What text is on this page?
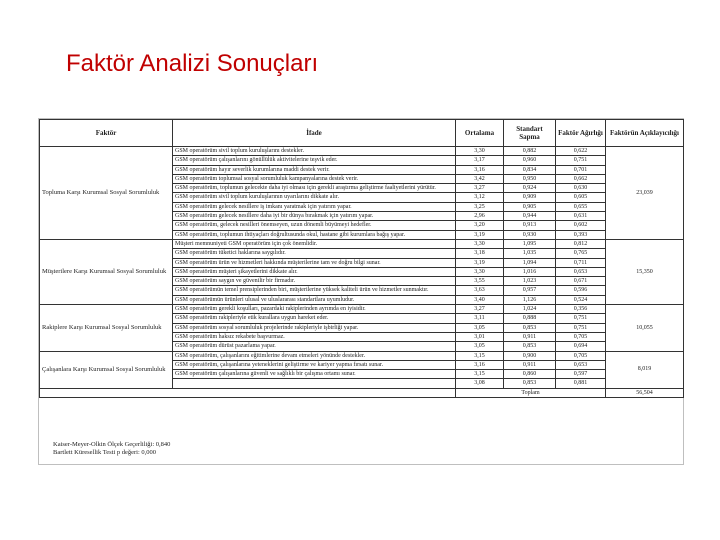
Faktör Analizi Sonuçları
Faktör	İfade	Ortalama	Standart Sapma	Faktör Ağırlığı	Faktörün Açıklayıcılığı
Topluma Karşı Kurumsal Sosyal Sorumluluk	GSM operatörüm sivil toplum kuruluşlarını destekler.	3,30	0,882	0,622	23,039
	GSM operatörüm çalışanlarını gönüllülük aktivitelerine teşvik eder.	3,17	0,960	0,751	
	GSM operatörüm hayır severlik kurumlarına maddi destek verir.	3,16	0,834	0,701	
	GSM operatörüm toplumsal sosyal sorumluluk kampanyalarına destek verir.	3,42	0,950	0,662	
	GSM operatörüm, toplumun gelecekte daha iyi olması için gerekli araştırma geliştirme faaliyetlerini yürütür.	3,27	0,924	0,630	
	GSM operatörüm sivil toplum kuruluşlarının uyarılarını dikkate alır.	3,12	0,909	0,605	
	GSM operatörüm gelecek nesillere iş imkanı yaratmak için yatırım yapar.	3,25	0,905	0,655	
	GSM operatörüm gelecek nesillere daha iyi bir dünya bırakmak için yatırım yapar.	2,96	0,944	0,631	
	GSM operatörüm, gelecek nesilleri önemseyen, uzun dönemli büyümeyi hedefler.	3,20	0,913	0,602	
	GSM operatörüm, toplumun ihtiyaçları doğrultusunda okul, hastane gibi kurumlara bağış yapar.	3,19	0,930	0,393	
Müşterilere Karşı Kurumsal Sosyal Sorumluluk	Müşteri memnuniyeti GSM operatörüm için çok önemlidir.	3,30	1,095	0,812	15,350
	GSM operatörüm tüketici haklarına saygılıdır.	3,18	1,035	0,765	
	GSM operatörüm ürün ve hizmetleri hakkında müşterilerine tam ve doğru bilgi sunar.	3,19	1,094	0,711	
	GSM operatörüm müşteri şikayetlerini dikkate alır.	3,30	1,016	0,653	
	GSM operatörüm saygın ve güvenilir bir firmadır.	3,55	1,023	0,671	
	GSM operatörümün temel prensiplerinden biri, müşterilerine yüksek kaliteli ürün ve hizmetler sunmaktır.	3,63	0,957	0,596	
	GSM operatörümün ürünleri ulusal ve uluslararası standartlara uyumludur.	3,40	1,126	0,524	
Rakiplere Karşı Kurumsal Sosyal Sorumluluk	GSM operatörüm gerekli koşulları, pazardaki rakiplerinden ayrımda en iyisidir.	3,27	1,024	0,356	10,055
	GSM operatörüm rakipleriyle etik kurallara uygun hareket eder.	3,11	0,888	0,751	
	GSM operatörüm sosyal sorumluluk projelerinde rakipleriyle işbirliği yapar.	3,05	0,853	0,751	
	GSM operatörüm haksız rekabete başvurmaz.	3,01	0,911	0,705	
	GSM operatörüm dürüst pazarlama yapar.	3,05	0,853	0,694	
Çalışanlara Karşı Kurumsal Sosyal Sorumluluk	GSM operatörüm, çalışanlarını eğitimlerine devam etmeleri yönünde destekler.	3,15	0,900	0,705	8,019
	GSM operatörüm, çalışanlarına yeteneklerini geliştirme ve kariyer yapma fırsatı sunar.	3,16	0,911	0,653	
	GSM operatörüm çalışanlarına güvenli ve sağlıklı bir çalışma ortamı sunar.	3,15	0,860	0,597	
		3,08	0,853	0,881	
		Toplam			56,504
Kaiser-Meyer-Olkin Ölçek Geçerliliği: 0,840
Bartlett Küresellik Testi p değeri: 0,000
